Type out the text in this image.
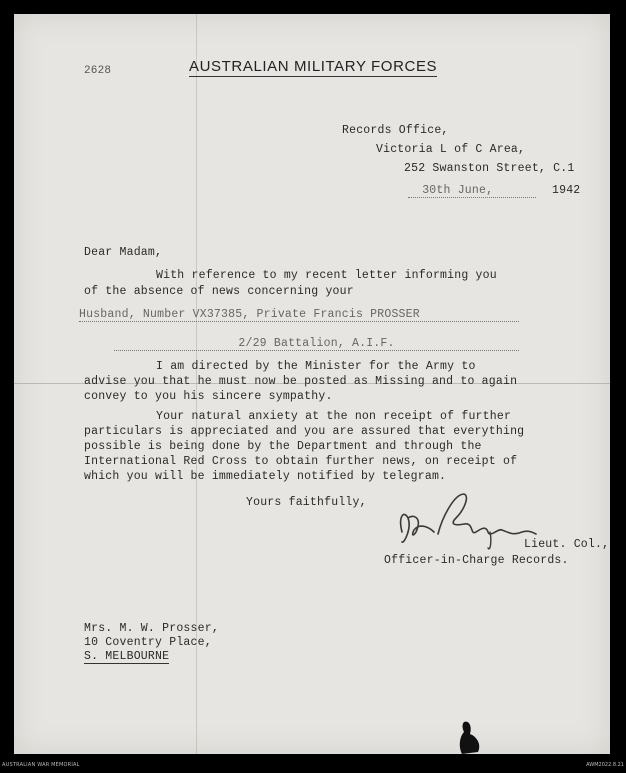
2628	AUSTRALIAN MILITARY FORCES
Records Office,
Victoria L of C Area,
252 Swanston Street, C.1
30th June,	1942
Dear Madam,
With reference to my recent letter informing you
of the absence of news concerning your
Husband, Number VX37385, Private Francis PROSSER
2/29 Battalion, A.I.F.
I am directed by the Minister for the Army to
advise you that he must now be posted as Missing and to again
convey to you his sincere sympathy.
Your natural anxiety at the non receipt of further
particulars is appreciated and you are assured that everything
possible is being done by the Department and through the
International Red Cross to obtain further news, on receipt of
which you will be immediately notified by telegram.
Yours faithfully,
Lieut. Col.,
Officer-in-Charge Records.
Mrs. M. W. Prosser,
10 Coventry Place,
S. MELBOURNE
AUSTRALIAN WAR MEMORIAL	AWM2022.8.21
